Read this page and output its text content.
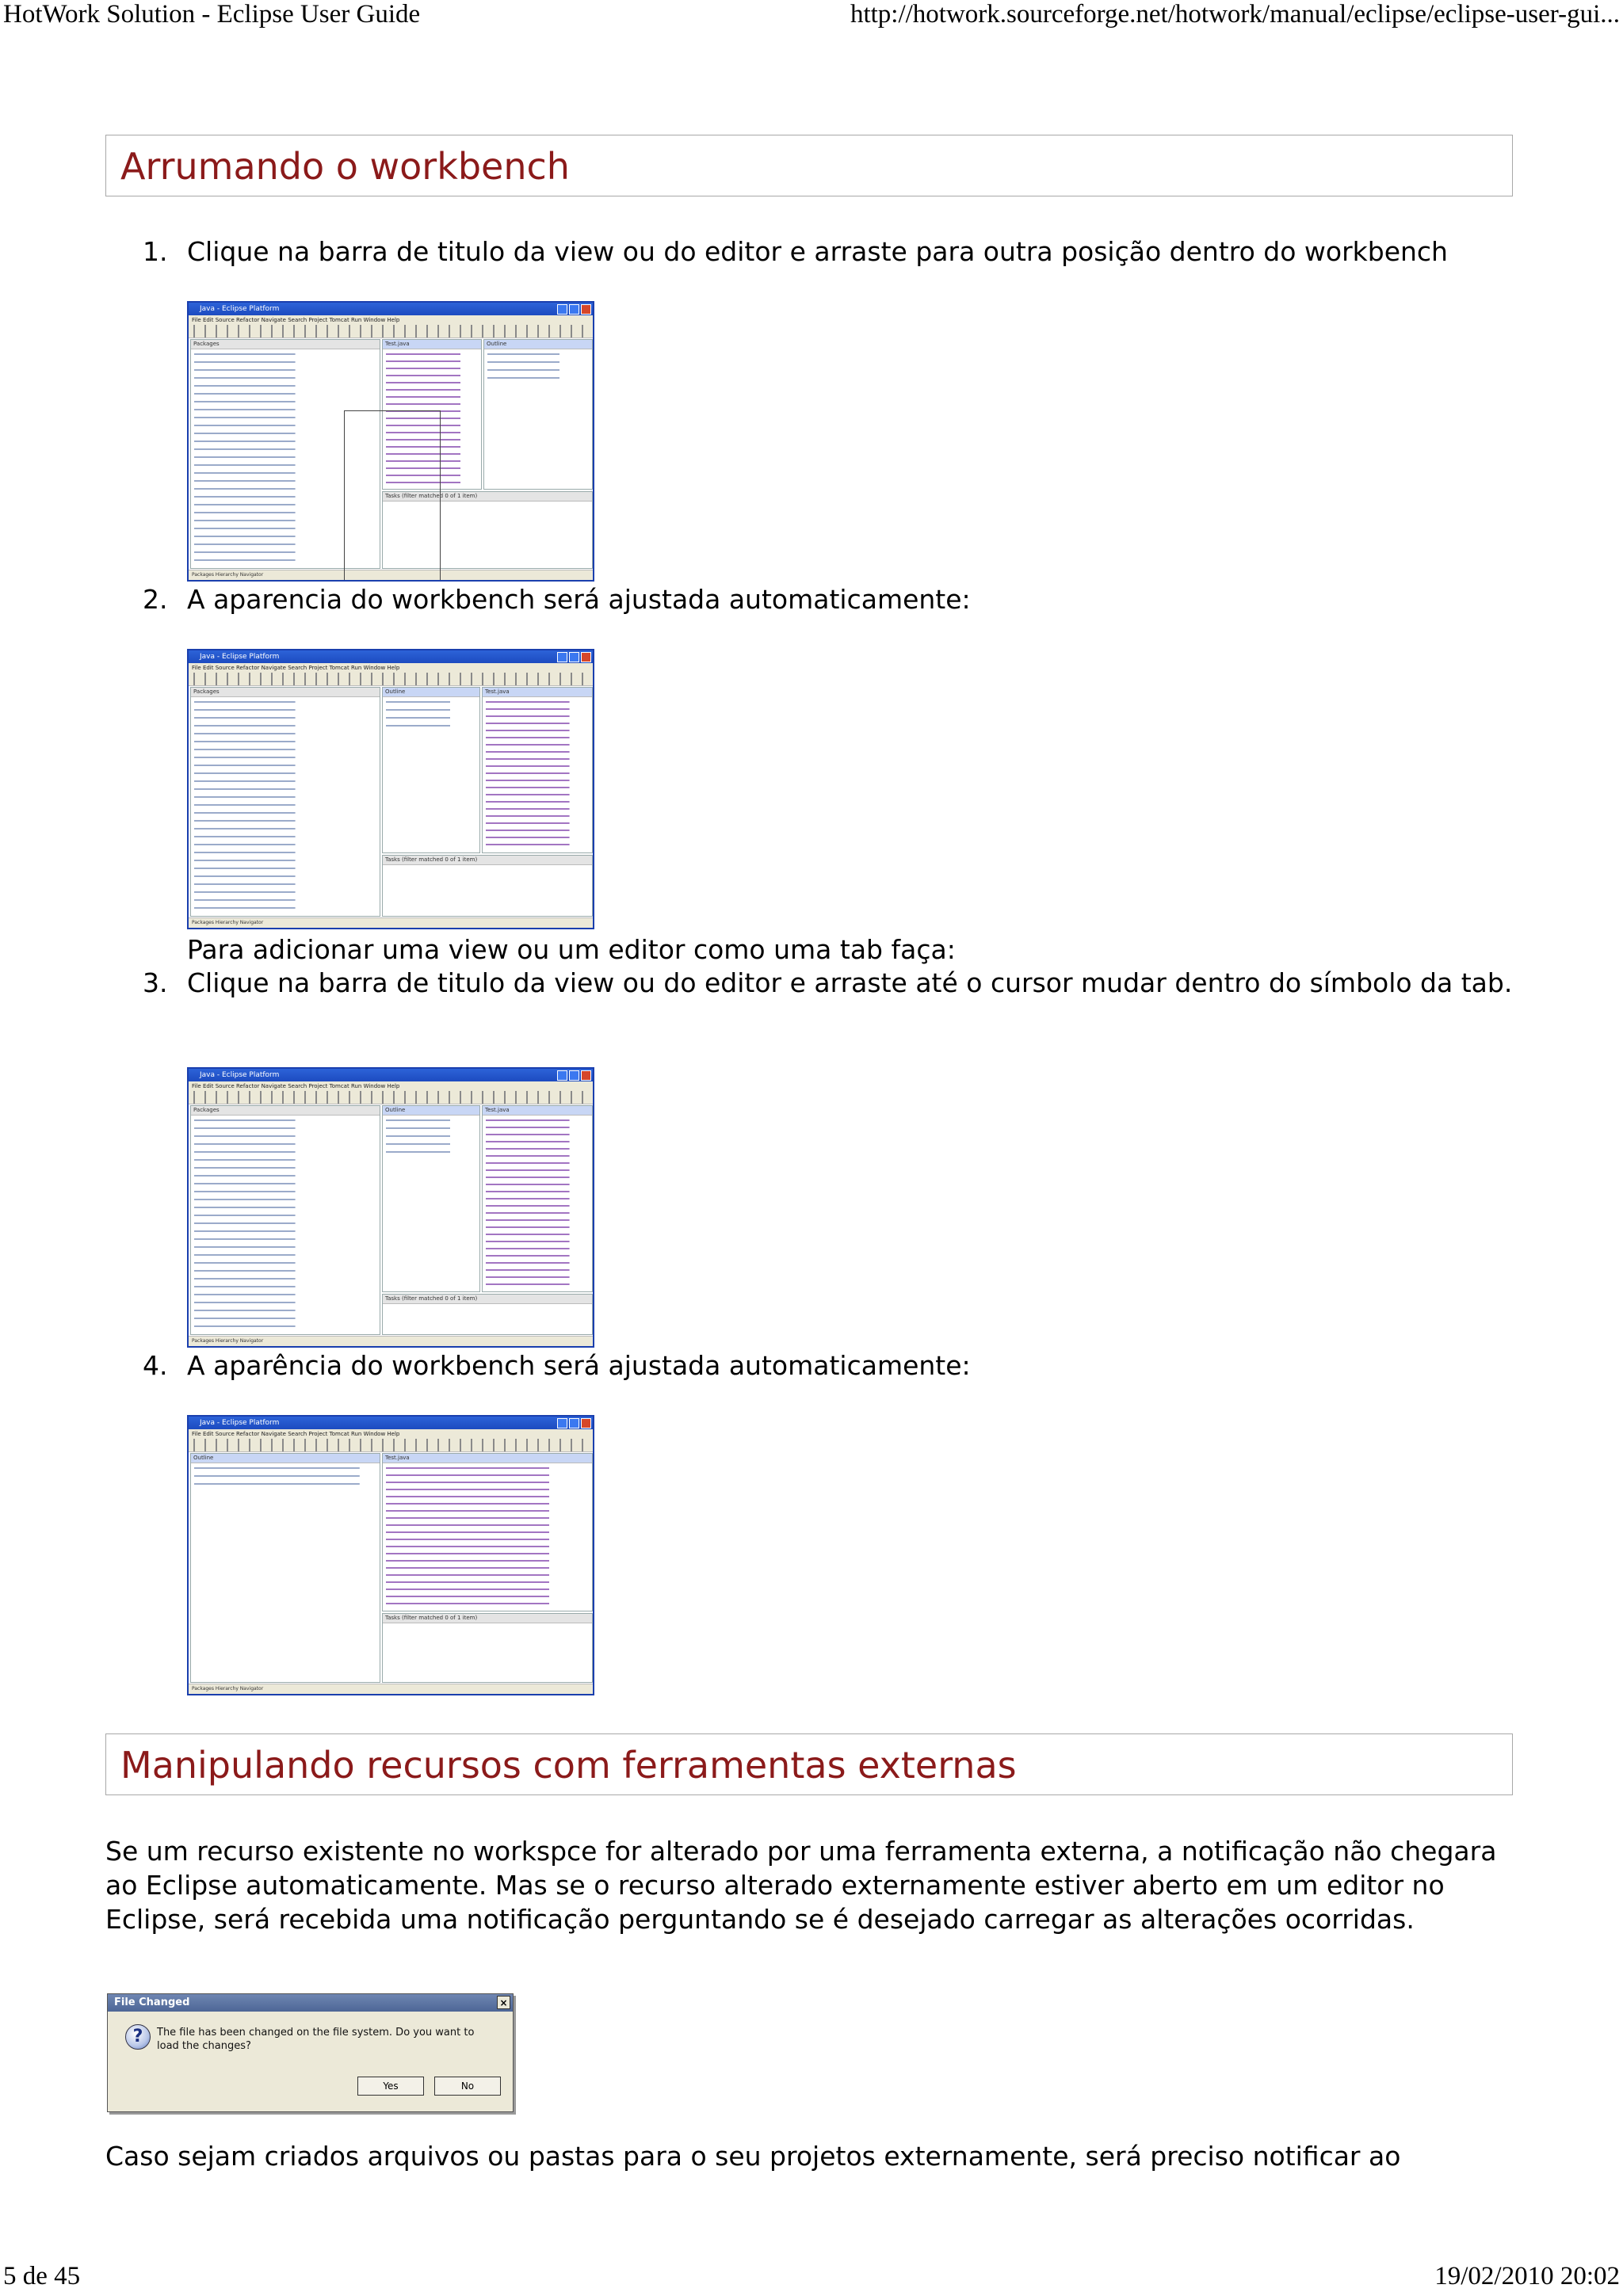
HotWork Solution - Eclipse User Guide	http://hotwork.sourceforge.net/hotwork/manual/eclipse/eclipse-user-gui...
Arrumando o workbench
1. Clique na barra de titulo da view ou do editor e arraste para outra posição dentro do workbench
Java - Eclipse Platform
File Edit Source Refactor Navigate Search Project Tomcat Run Window Help
Packages	Test.java	Outline
Tasks (filter matched 0 of 1 item)
Packages Hierarchy Navigator
2. A aparencia do workbench será ajustada automaticamente:
Java - Eclipse Platform
File Edit Source Refactor Navigate Search Project Tomcat Run Window Help
Packages	Outline	Test.java
Tasks (filter matched 0 of 1 item)
Packages Hierarchy Navigator
Para adicionar uma view ou um editor como uma tab faça:
3. Clique na barra de titulo da view ou do editor e arraste até o cursor mudar dentro do símbolo da tab.
Java - Eclipse Platform
File Edit Source Refactor Navigate Search Project Tomcat Run Window Help
Packages	Outline	Test.java
Tasks (filter matched 0 of 1 item)
Packages Hierarchy Navigator
4. A aparência do workbench será ajustada automaticamente:
Java - Eclipse Platform
File Edit Source Refactor Navigate Search Project Tomcat Run Window Help
Outline	Test.java
Tasks (filter matched 0 of 1 item)
Packages Hierarchy Navigator
Manipulando recursos com ferramentas externas
Se um recurso existente no workspce for alterado por uma ferramenta externa, a notificação não chegara ao Eclipse automaticamente. Mas se o recurso alterado externamente estiver aberto em um editor no Eclipse, será recebida uma notificação perguntando se é desejado carregar as alterações ocorridas.
File Changed	×
?	The file has been changed on the file system. Do you want to load the changes?
Yes	No
Caso sejam criados arquivos ou pastas para o seu projetos externamente, será preciso notificar ao
5 de 45	19/02/2010 20:02
